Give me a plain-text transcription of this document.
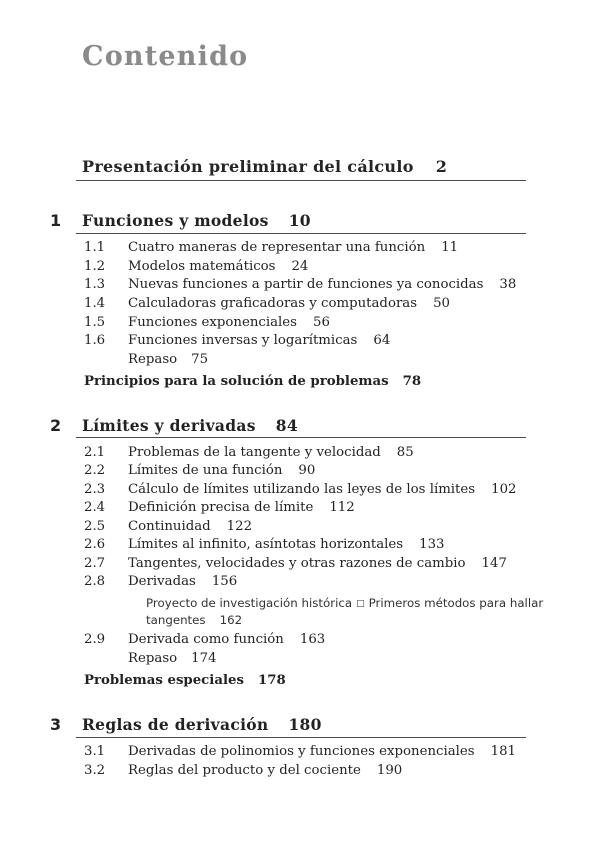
Contenido
Presentación preliminar del cálculo 2
1 Funciones y modelos 10
1.1 Cuatro maneras de representar una función 11
1.2 Modelos matemáticos 24
1.3 Nuevas funciones a partir de funciones ya conocidas 38
1.4 Calculadoras graficadoras y computadoras 50
1.5 Funciones exponenciales 56
1.6 Funciones inversas y logarítmicas 64
Repaso 75
Principios para la solución de problemas 78
2 Límites y derivadas 84
2.1 Problemas de la tangente y velocidad 85
2.2 Límites de una función 90
2.3 Cálculo de límites utilizando las leyes de los límites 102
2.4 Definición precisa de límite 112
2.5 Continuidad 122
2.6 Límites al infinito, asíntotas horizontales 133
2.7 Tangentes, velocidades y otras razones de cambio 147
2.8 Derivadas 156
Proyecto de investigación histórica □ Primeros métodos para hallar tangentes 162
2.9 Derivada como función 163
Repaso 174
Problemas especiales 178
3 Reglas de derivación 180
3.1 Derivadas de polinomios y funciones exponenciales 181
3.2 Reglas del producto y del cociente 190
